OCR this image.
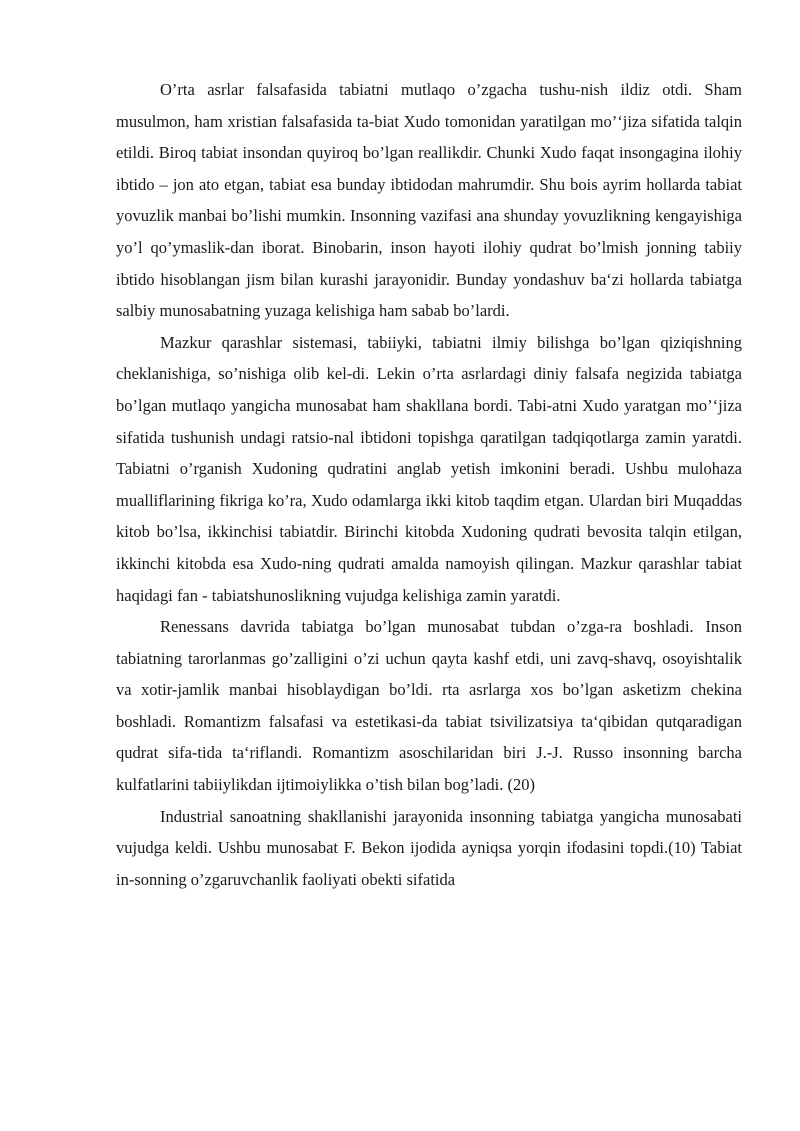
O’rta asrlar falsafasida tabiatni mutlaqo o’zgacha tushu-nish ildiz otdi. Sham musulmon, ham xristian falsafasida ta-biat Xudo tomonidan yaratilgan mo’‘jiza sifatida talqin etildi. Biroq tabiat insondan quyiroq bo’lgan reallikdir. Chunki Xudo faqat insongagina ilohiy ibtido – jon ato etgan, tabiat esa bunday ibtidodan mahrumdir. Shu bois ayrim hollarda tabiat yovuzlik manbai bo’lishi mumkin. Insonning vazifasi ana shunday yovuzlikning kengayishiga yo’l qo’ymaslik-dan iborat. Binobarin, inson hayoti ilohiy qudrat bo’lmish jonning tabiiy ibtido hisoblangan jism bilan kurashi jarayonidir. Bunday yondashuv ba‘zi hollarda tabiatga salbiy munosabatning yuzaga kelishiga ham sabab bo’lardi.

Mazkur qarashlar sistemasi, tabiiyki, tabiatni ilmiy bilishga bo’lgan qiziqishning cheklanishiga, so’nishiga olib kel-di. Lekin o’rta asrlardagi diniy falsafa negizida tabiatga bo’lgan mutlaqo yangicha munosabat ham shakllana bordi. Tabi-atni Xudo yaratgan mo’‘jiza sifatida tushunish undagi ratsio-nal ibtidoni topishga qaratilgan tadqiqotlarga zamin yaratdi. Tabiatni o’rganish Xudoning qudratini anglab yetish imkonini beradi. Ushbu mulohaza mualliflarining fikriga ko’ra, Xudo odamlarga ikki kitob taqdim etgan. Ulardan biri Muqaddas kitob bo’lsa, ikkinchisi tabiatdir. Birinchi kitobda Xudoning qudrati bevosita talqin etilgan, ikkinchi kitobda esa Xudo-ning qudrati amalda namoyish qilingan. Mazkur qarashlar tabiat haqidagi fan - tabiatshunoslikning vujudga kelishiga zamin yaratdi.

Renessans davrida tabiatga bo’lgan munosabat tubdan o’zga-ra boshladi. Inson tabiatning tarorlanmas go’zalligini o’zi uchun qayta kashf etdi, uni zavq-shavq, osoyishtalik va xotir-jamlik manbai hisoblaydigan bo’ldi. rta asrlarga xos bo’lgan asketizm chekina boshladi. Romantizm falsafasi va estetikasi-da tabiat tsivilizatsiya ta‘qibidan qutqaradigan qudrat sifa-tida ta‘riflandi. Romantizm asoschilaridan biri J.-J. Russo insonning barcha kulfatlarini tabiiylikdan ijtimoiylikka o’tish bilan bog’ladi. (20)

Industrial sanoatning shakllanishi jarayonida insonning tabiatga yangicha munosabati vujudga keldi. Ushbu munosabat F. Bekon ijodida ayniqsa yorqin ifodasini topdi.(10) Tabiat in-sonning o’zgaruvchanlik faoliyati obekti sifatida
